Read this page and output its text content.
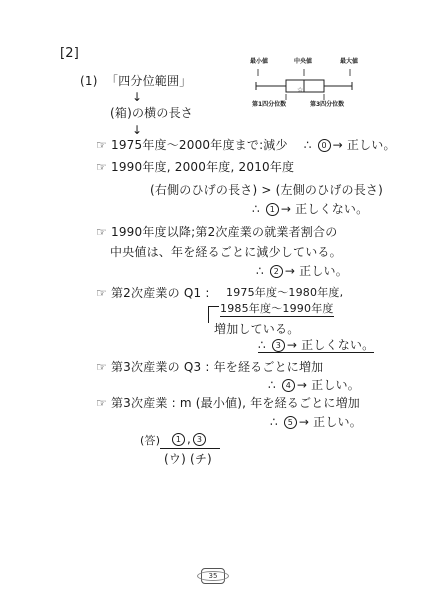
[2]
最小値	中央値	最大値
☆
第1四分位数	第3四分位数
(1) 「四分位範囲」
↓
(箱)の横の長さ
↓
☞ 1975年度〜2000年度まで:減少 ∴ 0 → 正しい。
☞ 1990年度, 2000年度, 2010年度
(右側のひげの長さ) > (左側のひげの長さ)
∴ 1 → 正しくない。
☞ 1990年度以降;第2次産業の就業者割合の
中央値は、年を経るごとに減少している。
∴ 2 → 正しい。
☞ 第2次産業の Q1 : 1975年度〜1980年度,
1985年度〜1990年度
増加している。
∴ 3 → 正しくない。
☞ 第3次産業の Q3 : 年を経るごとに増加
∴ 4 → 正しい。
☞ 第3次産業 : m (最小値), 年を経るごとに増加
∴ 5 → 正しい。
(答)	1 , 3
(ウ) (チ)
35
